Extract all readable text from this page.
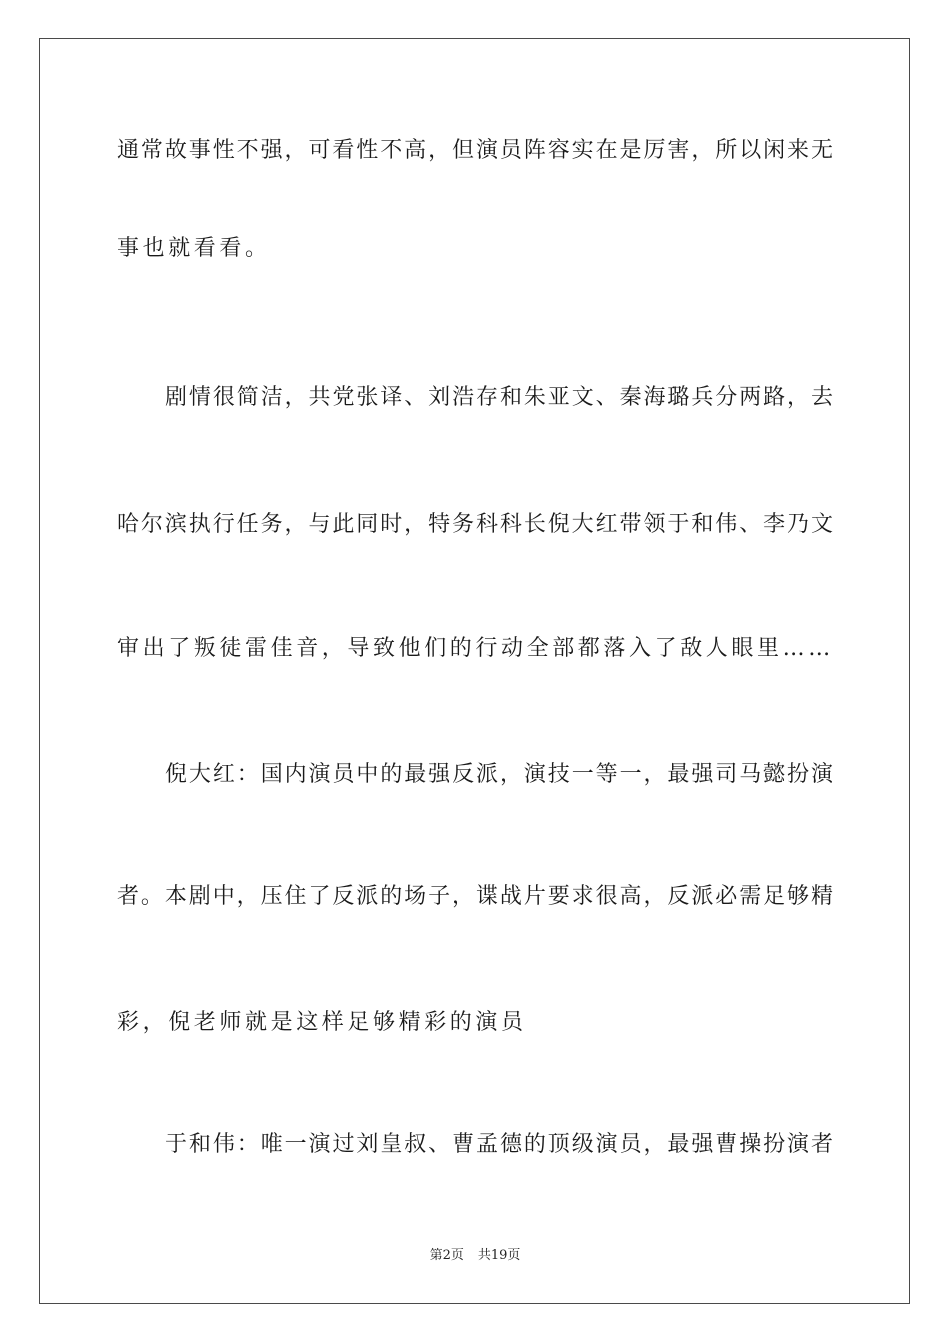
通常故事性不强，可看性不高，但演员阵容实在是厉害，所以闲来无
事也就看看。
剧情很简洁，共党张译、刘浩存和朱亚文、秦海璐兵分两路，去
哈尔滨执行任务，与此同时，特务科科长倪大红带领于和伟、李乃文
审出了叛徒雷佳音，导致他们的行动全部都落入了敌人眼里……
倪大红：国内演员中的最强反派，演技一等一，最强司马懿扮演
者。本剧中，压住了反派的场子，谍战片要求很高，反派必需足够精
彩，倪老师就是这样足够精彩的演员
于和伟：唯一演过刘皇叔、曹孟德的顶级演员，最强曹操扮演者
第2页 共19页
